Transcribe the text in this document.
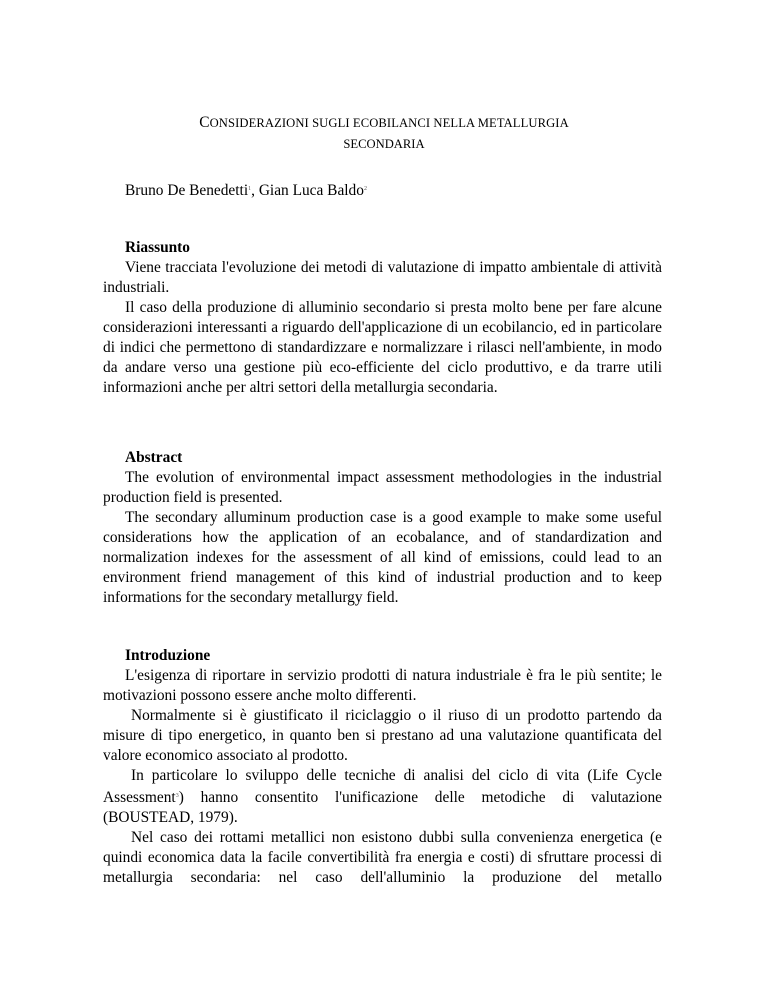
CONSIDERAZIONI SUGLI ECOBILANCI NELLA METALLURGIA
SECONDARIA
Bruno De Benedetti$^1$, Gian Luca Baldo$^2$
Riassunto

Viene tracciata l'evoluzione dei metodi di valutazione di impatto ambientale di attività industriali.

Il caso della produzione di alluminio secondario si presta molto bene per fare alcune considerazioni interessanti a riguardo dell'applicazione di un ecobilancio, ed in particolare di indici che permettono di standardizzare e normalizzare i rilasci nell'ambiente, in modo da andare verso una gestione più eco-efficiente del ciclo produttivo, e da trarre utili informazioni anche per altri settori della metallurgia secondaria.

Abstract

The evolution of environmental impact assessment methodologies in the industrial production field is presented.

The secondary alluminum production case is a good example to make some useful considerations how the application of an ecobalance, and of standardization and normalization indexes for the assessment of all kind of emissions, could lead to an environment friend management of this kind of industrial production and to keep informations for the secondary metallurgy field.

Introduzione

L'esigenza di riportare in servizio prodotti di natura industriale è fra le più sentite; le motivazioni possono essere anche molto differenti.

Normalmente si è giustificato il riciclaggio o il riuso di un prodotto partendo da misure di tipo energetico, in quanto ben si prestano ad una valutazione quantificata del valore economico associato al prodotto.

In particolare lo sviluppo delle tecniche di analisi del ciclo di vita (Life Cycle Assessment$^3$) hanno consentito l'unificazione delle metodiche di valutazione (BOUSTEAD, 1979).

Nel caso dei rottami metallici non esistono dubbi sulla convenienza energetica (e quindi economica data la facile convertibilità fra energia e costi) di sfruttare processi di metallurgia secondaria: nel caso dell'alluminio la produzione del metallo
